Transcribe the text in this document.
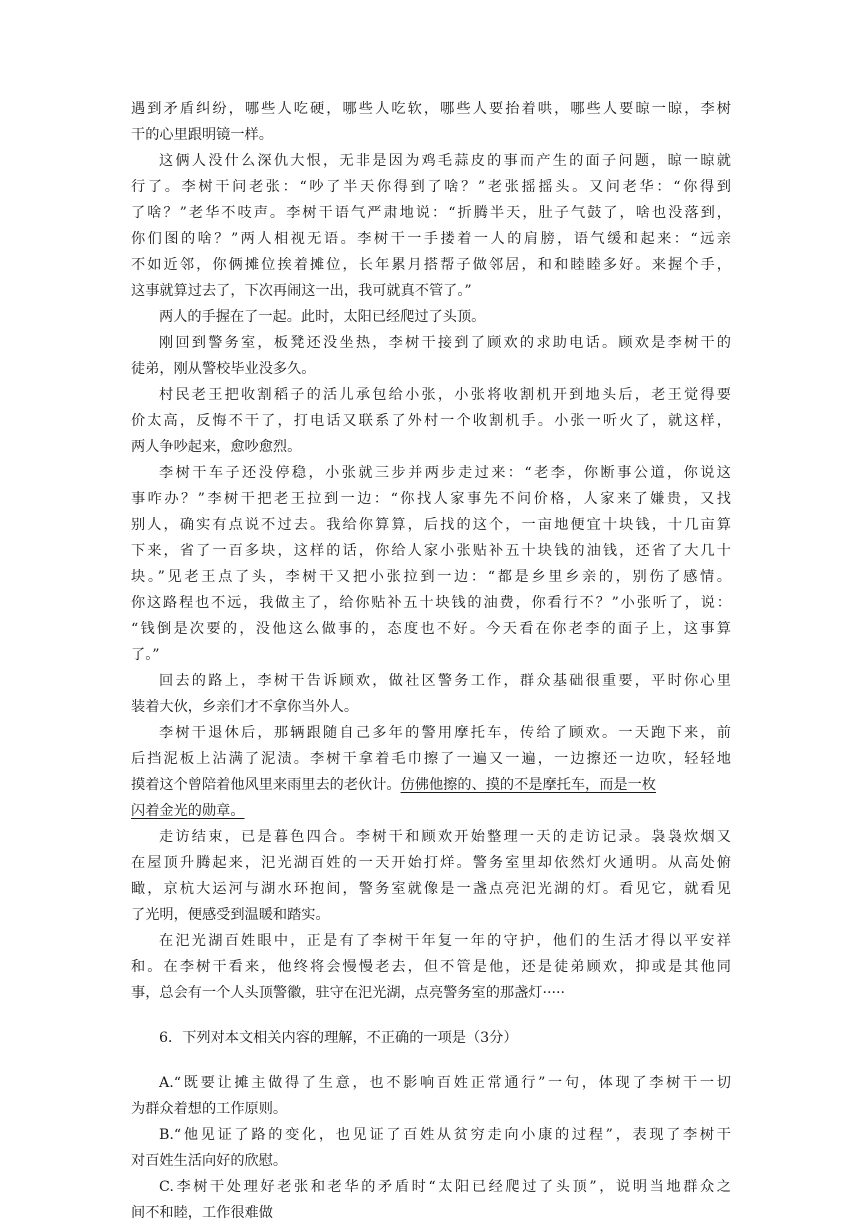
遇到矛盾纠纷，哪些人吃硬，哪些人吃软，哪些人要抬着哄，哪些人要晾一晾，李树
干的心里跟明镜一样。
这俩人没什么深仇大恨，无非是因为鸡毛蒜皮的事而产生的面子问题，晾一晾就
行了。李树干问老张：“吵了半天你得到了啥？”老张摇摇头。又问老华：“你得到
了啥？”老华不吱声。李树干语气严肃地说：“折腾半天，肚子气鼓了，啥也没落到，
你们图的啥？”两人相视无语。李树干一手搂着一人的肩膀，语气缓和起来：“远亲
不如近邻，你俩摊位挨着摊位，长年累月搭帮子做邻居，和和睦睦多好。来握个手，
这事就算过去了，下次再闹这一出，我可就真不管了。”
两人的手握在了一起。此时，太阳已经爬过了头顶。
刚回到警务室，板凳还没坐热，李树干接到了顾欢的求助电话。顾欢是李树干的
徒弟，刚从警校毕业没多久。
村民老王把收割稻子的活儿承包给小张，小张将收割机开到地头后，老王觉得要
价太高，反悔不干了，打电话又联系了外村一个收割机手。小张一听火了，就这样，
两人争吵起来，愈吵愈烈。
李树干车子还没停稳，小张就三步并两步走过来：“老李，你断事公道，你说这
事咋办？”李树干把老王拉到一边：“你找人家事先不问价格，人家来了嫌贵，又找
别人，确实有点说不过去。我给你算算，后找的这个，一亩地便宜十块钱，十几亩算
下来，省了一百多块，这样的话，你给人家小张贴补五十块钱的油钱，还省了大几十
块。”见老王点了头，李树干又把小张拉到一边：“都是乡里乡亲的，别伤了感情。
你这路程也不远，我做主了，给你贴补五十块钱的油费，你看行不？”小张听了，说：
“钱倒是次要的，没他这么做事的，态度也不好。今天看在你老李的面子上，这事算
了。”
回去的路上，李树干告诉顾欢，做社区警务工作，群众基础很重要，平时你心里
装着大伙，乡亲们才不拿你当外人。
李树干退休后，那辆跟随自己多年的警用摩托车，传给了顾欢。一天跑下来，前
后挡泥板上沾满了泥渍。李树干拿着毛巾擦了一遍又一遍，一边擦还一边吹，轻轻地
摸着这个曾陪着他风里来雨里去的老伙计。仿佛他擦的、摸的不是摩托车，而是一枚
闪着金光的勋章。
走访结束，已是暮色四合。李树干和顾欢开始整理一天的走访记录。袅袅炊烟又
在屋顶升腾起来，汜光湖百姓的一天开始打烊。警务室里却依然灯火通明。从高处俯
瞰，京杭大运河与湖水环抱间，警务室就像是一盏点亮汜光湖的灯。看见它，就看见
了光明，便感受到温暖和踏实。
在汜光湖百姓眼中，正是有了李树干年复一年的守护，他们的生活才得以平安祥
和。在李树干看来，他终将会慢慢老去，但不管是他，还是徒弟顾欢，抑或是其他同
事，总会有一个人头顶警徽，驻守在汜光湖，点亮警务室的那盏灯·····
6．下列对本文相关内容的理解，不正确的一项是（3分）
A.“既要让摊主做得了生意，也不影响百姓正常通行”一句，体现了李树干一切
为群众着想的工作原则。
B.“他见证了路的变化，也见证了百姓从贫穷走向小康的过程”，表现了李树干
对百姓生活向好的欣慰。
C.李树干处理好老张和老华的矛盾时“太阳已经爬过了头顶”，说明当地群众之
间不和睦，工作很难做
